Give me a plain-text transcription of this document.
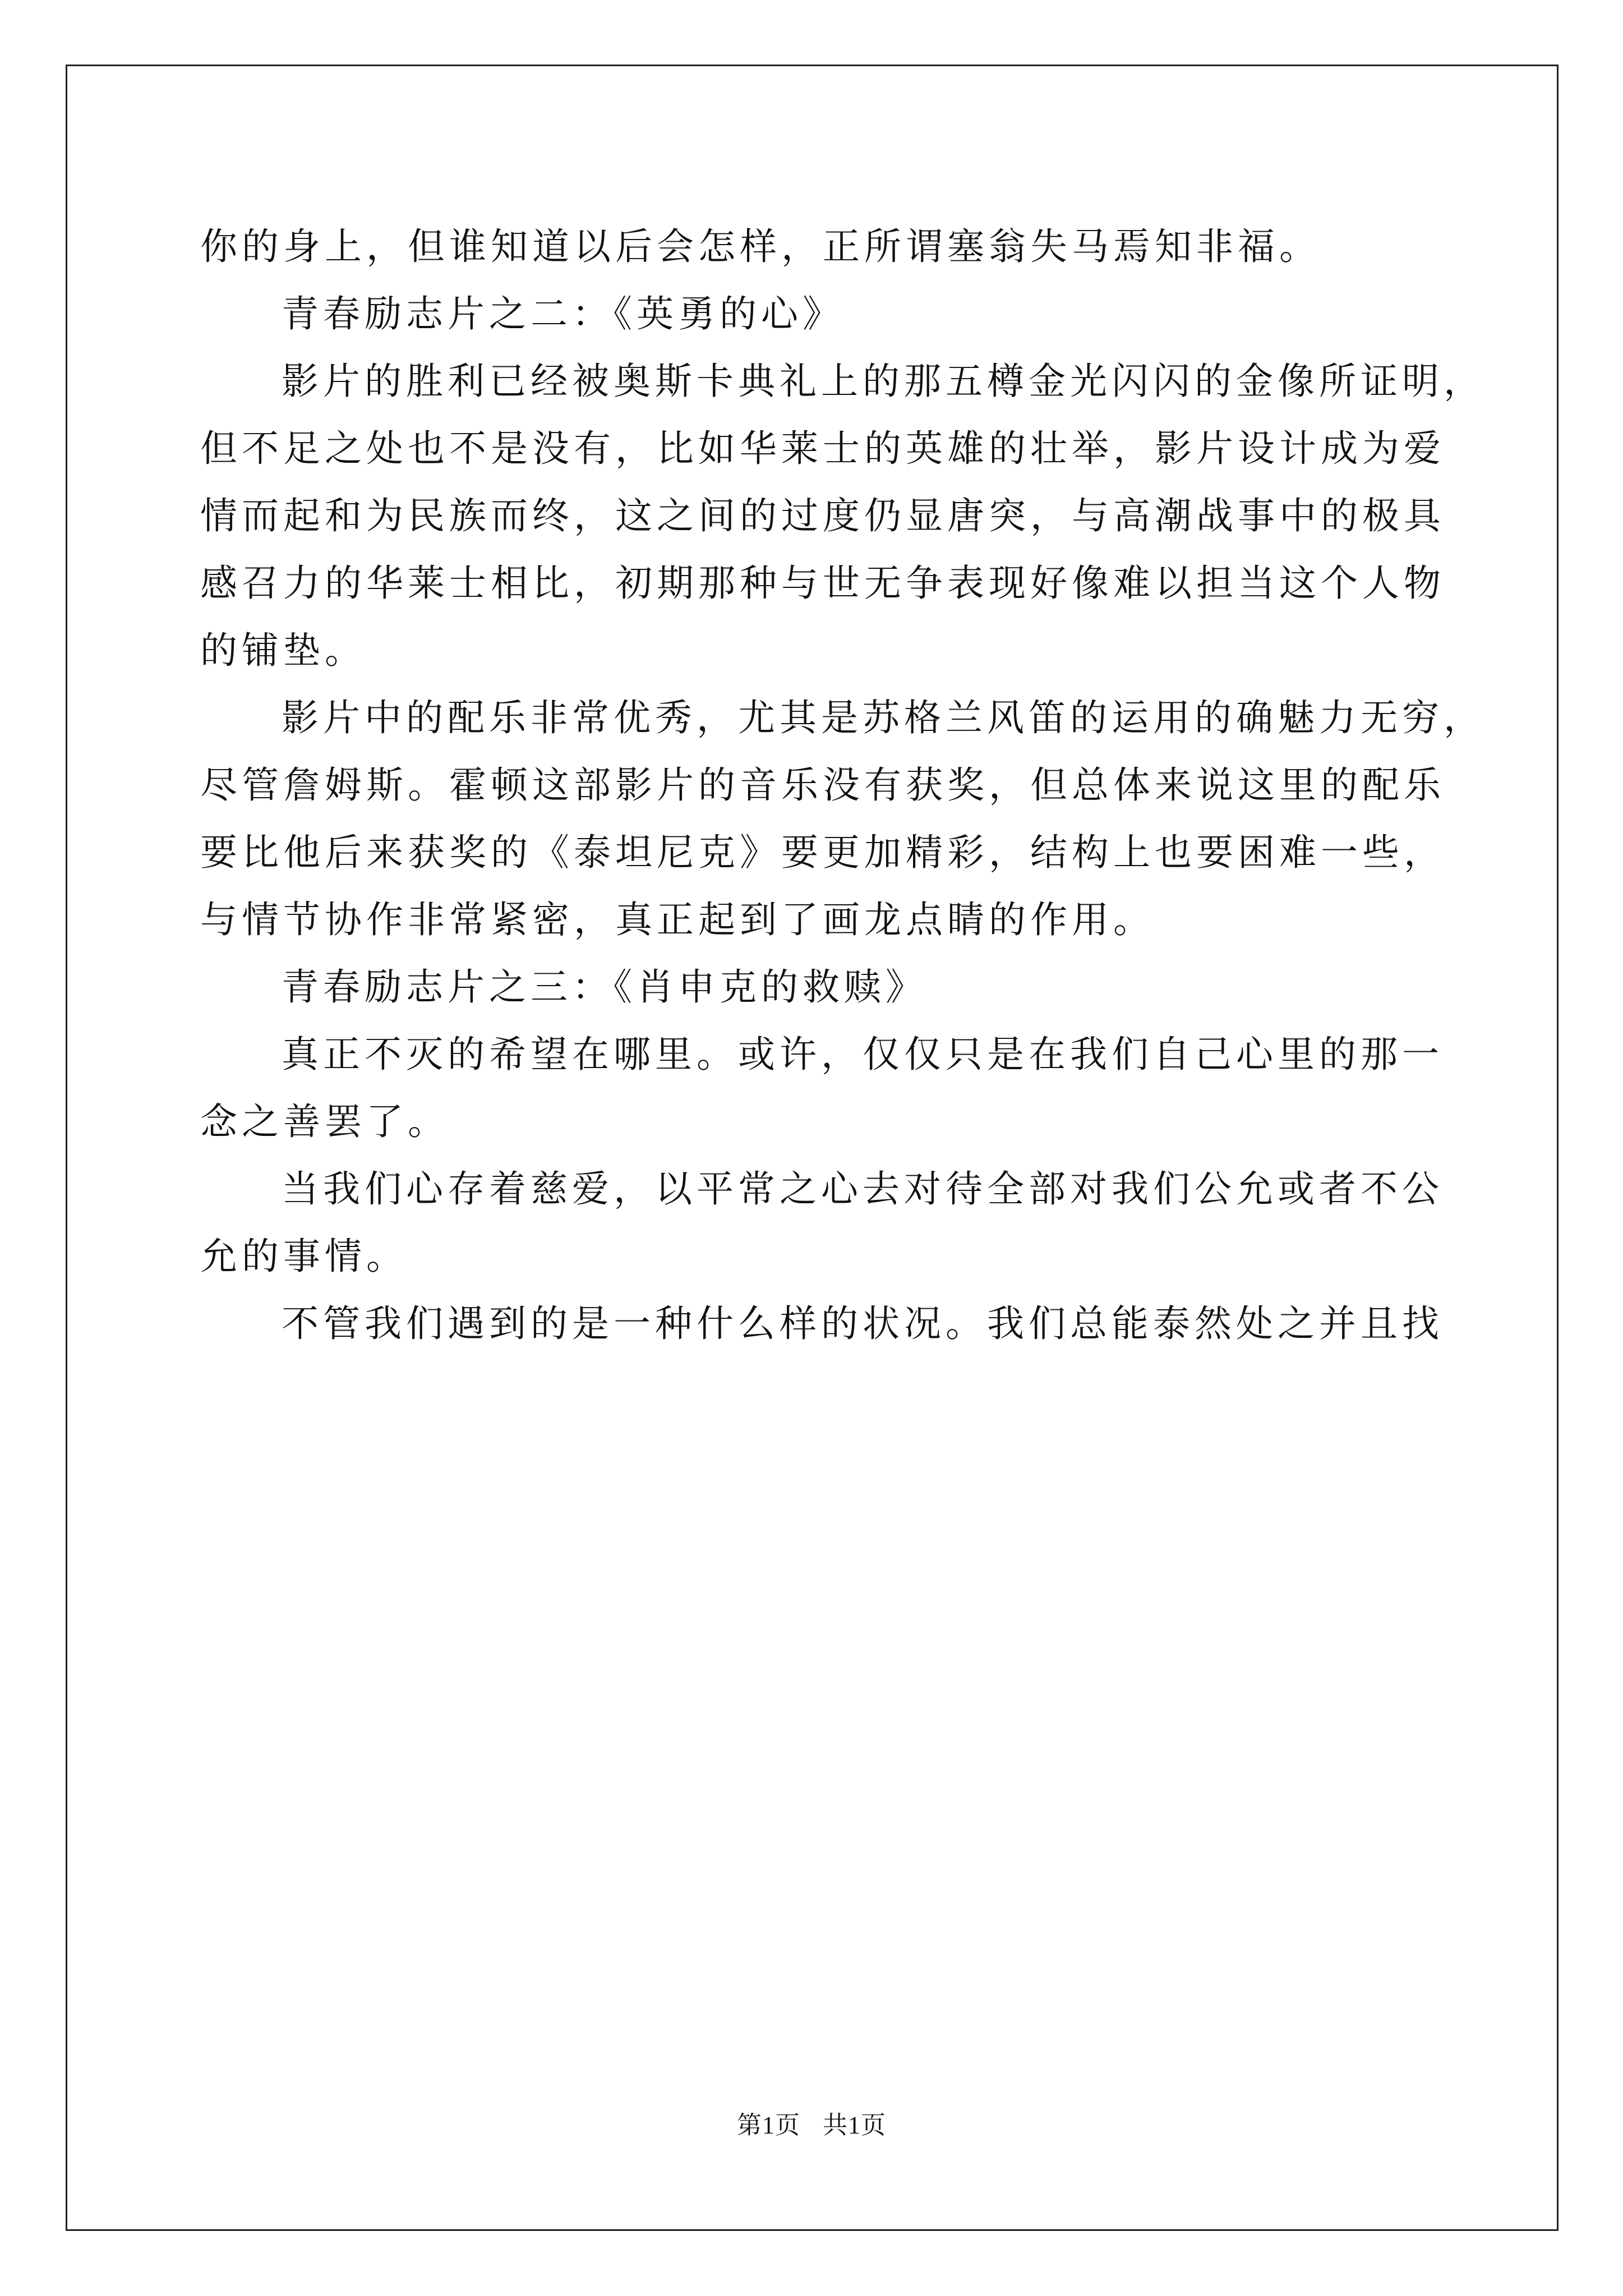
你的身上，但谁知道以后会怎样，正所谓塞翁失马焉知非福。
青春励志片之二：《英勇的心》
影片的胜利已经被奥斯卡典礼上的那五樽金光闪闪的金像所证明，
但不足之处也不是没有，比如华莱士的英雄的壮举，影片设计成为爱
情而起和为民族而终，这之间的过度仍显唐突，与高潮战事中的极具
感召力的华莱士相比，初期那种与世无争表现好像难以担当这个人物
的铺垫。
影片中的配乐非常优秀，尤其是苏格兰风笛的运用的确魅力无穷，
尽管詹姆斯。霍顿这部影片的音乐没有获奖，但总体来说这里的配乐
要比他后来获奖的《泰坦尼克》要更加精彩，结构上也要困难一些，
与情节协作非常紧密，真正起到了画龙点睛的作用。
青春励志片之三：《肖申克的救赎》
真正不灭的希望在哪里。或许，仅仅只是在我们自己心里的那一
念之善罢了。
当我们心存着慈爱，以平常之心去对待全部对我们公允或者不公
允的事情。
不管我们遇到的是一种什么样的状况。我们总能泰然处之并且找
第1页 共1页
